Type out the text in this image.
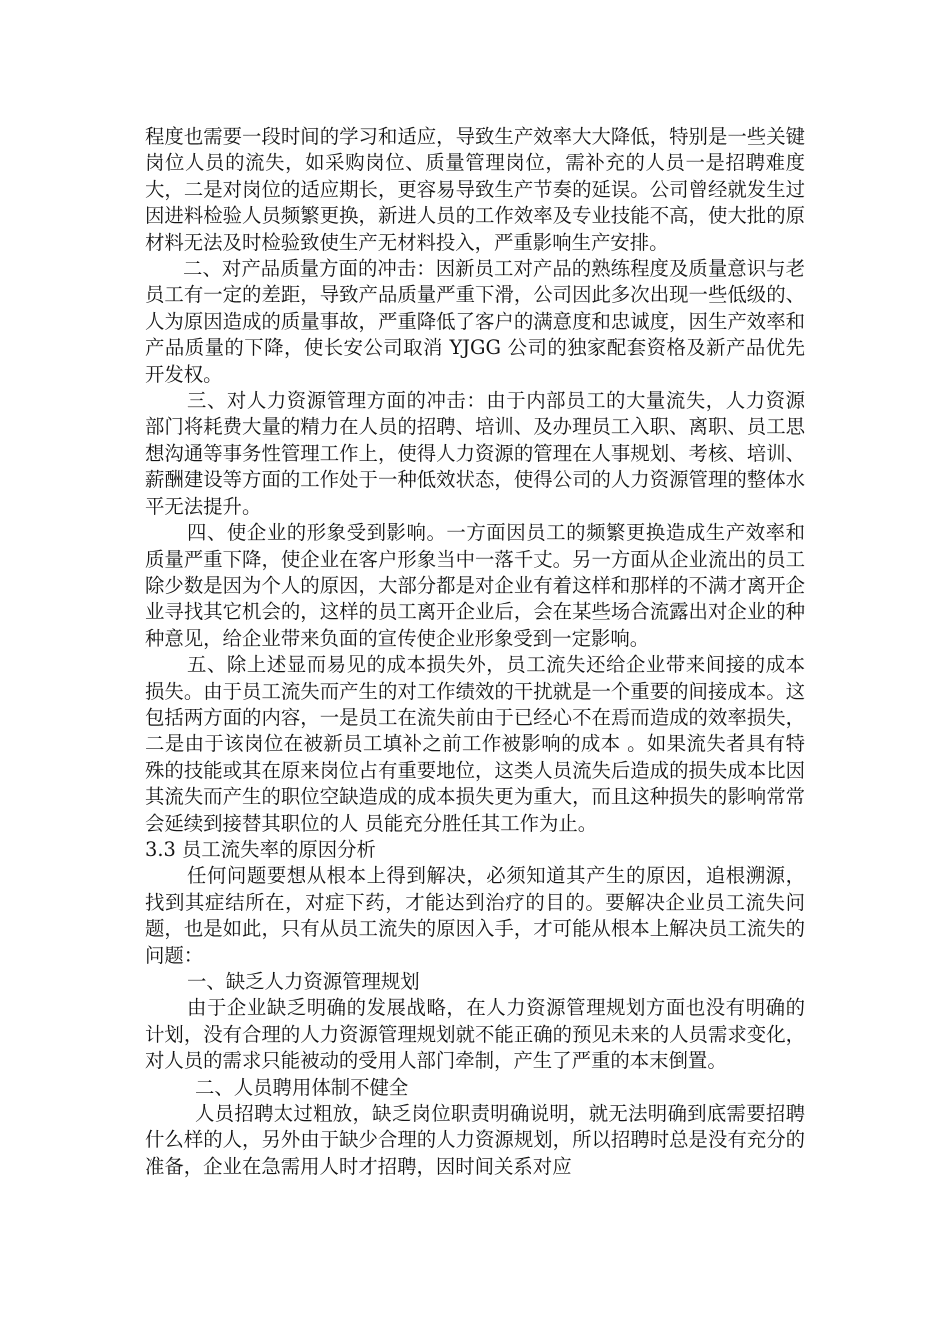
程度也需要一段时间的学习和适应，导致生产效率大大降低，特别是一些关键岗位人员的流失，如采购岗位、质量管理岗位，需补充的人员一是招聘难度大，二是对岗位的适应期长，更容易导致生产节奏的延误。公司曾经就发生过因进料检验人员频繁更换，新进人员的工作效率及专业技能不高，使大批的原材料无法及时检验致使生产无材料投入，严重影响生产安排。

二、对产品质量方面的冲击：因新员工对产品的熟练程度及质量意识与老员工有一定的差距，导致产品质量严重下滑，公司因此多次出现一些低级的、人为原因造成的质量事故，严重降低了客户的满意度和忠诚度，因生产效率和产品质量的下降，使长安公司取消 YJGG 公司的独家配套资格及新产品优先开发权。

三、对人力资源管理方面的冲击：由于内部员工的大量流失，人力资源部门将耗费大量的精力在人员的招聘、培训、及办理员工入职、离职、员工思想沟通等事务性管理工作上，使得人力资源的管理在人事规划、考核、培训、薪酬建设等方面的工作处于一种低效状态，使得公司的人力资源管理的整体水平无法提升。

四、使企业的形象受到影响。一方面因员工的频繁更换造成生产效率和质量严重下降，使企业在客户形象当中一落千丈。另一方面从企业流出的员工除少数是因为个人的原因，大部分都是对企业有着这样和那样的不满才离开企业寻找其它机会的，这样的员工离开企业后，会在某些场合流露出对企业的种种意见，给企业带来负面的宣传使企业形象受到一定影响。

五、除上述显而易见的成本损失外，员工流失还给企业带来间接的成本损失。由于员工流失而产生的对工作绩效的干扰就是一个重要的间接成本。这包括两方面的内容，一是员工在流失前由于已经心不在焉而造成的效率损失，二是由于该岗位在被新员工填补之前工作被影响的成本 。如果流失者具有特殊的技能或其在原来岗位占有重要地位，这类人员流失后造成的损失成本比因其流失而产生的职位空缺造成的成本损失更为重大，而且这种损失的影响常常会延续到接替其职位的人 员能充分胜任其工作为止。

3.3 员工流失率的原因分析

任何问题要想从根本上得到解决，必须知道其产生的原因，追根溯源，找到其症结所在，对症下药，才能达到治疗的目的。要解决企业员工流失问题，也是如此，只有从员工流失的原因入手，才可能从根本上解决员工流失的问题：

一、缺乏人力资源管理规划

由于企业缺乏明确的发展战略，在人力资源管理规划方面也没有明确的计划，没有合理的人力资源管理规划就不能正确的预见未来的人员需求变化，对人员的需求只能被动的受用人部门牵制，产生了严重的本末倒置。

二、人员聘用体制不健全

人员招聘太过粗放，缺乏岗位职责明确说明，就无法明确到底需要招聘什么样的人，另外由于缺少合理的人力资源规划，所以招聘时总是没有充分的准备，企业在急需用人时才招聘，因时间关系对应
